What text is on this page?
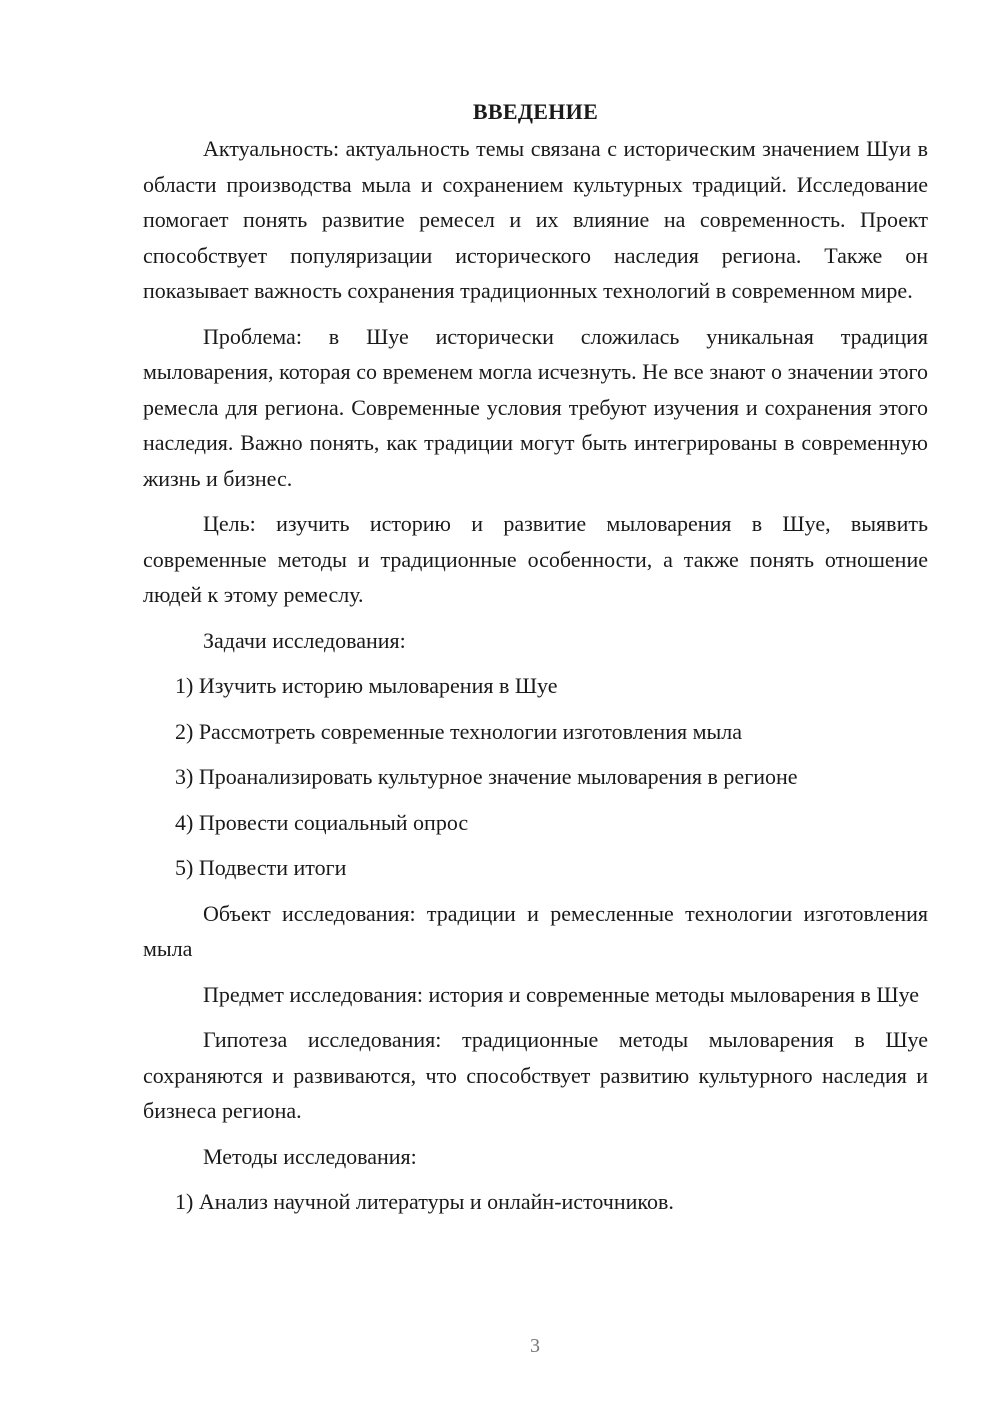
ВВЕДЕНИЕ

Актуальность: актуальность темы связана с историческим значением Шуи в области производства мыла и сохранением культурных традиций. Исследование помогает понять развитие ремесел и их влияние на современность. Проект способствует популяризации исторического наследия региона. Также он показывает важность сохранения традиционных технологий в современном мире.

Проблема: в Шуе исторически сложилась уникальная традиция мыловарения, которая со временем могла исчезнуть. Не все знают о значении этого ремесла для региона. Современные условия требуют изучения и сохранения этого наследия. Важно понять, как традиции могут быть интегрированы в современную жизнь и бизнес.

Цель: изучить историю и развитие мыловарения в Шуе, выявить современные методы и традиционные особенности, а также понять отношение людей к этому ремеслу.

Задачи исследования:

1) Изучить историю мыловарения в Шуе
2) Рассмотреть современные технологии изготовления мыла
3) Проанализировать культурное значение мыловарения в регионе
4) Провести социальный опрос
5) Подвести итоги

Объект исследования: традиции и ремесленные технологии изготовления мыла

Предмет исследования: история и современные методы мыловарения в Шуе

Гипотеза исследования: традиционные методы мыловарения в Шуе сохраняются и развиваются, что способствует развитию культурного наследия и бизнеса региона.

Методы исследования:

1) Анализ научной литературы и онлайн-источников.
3
